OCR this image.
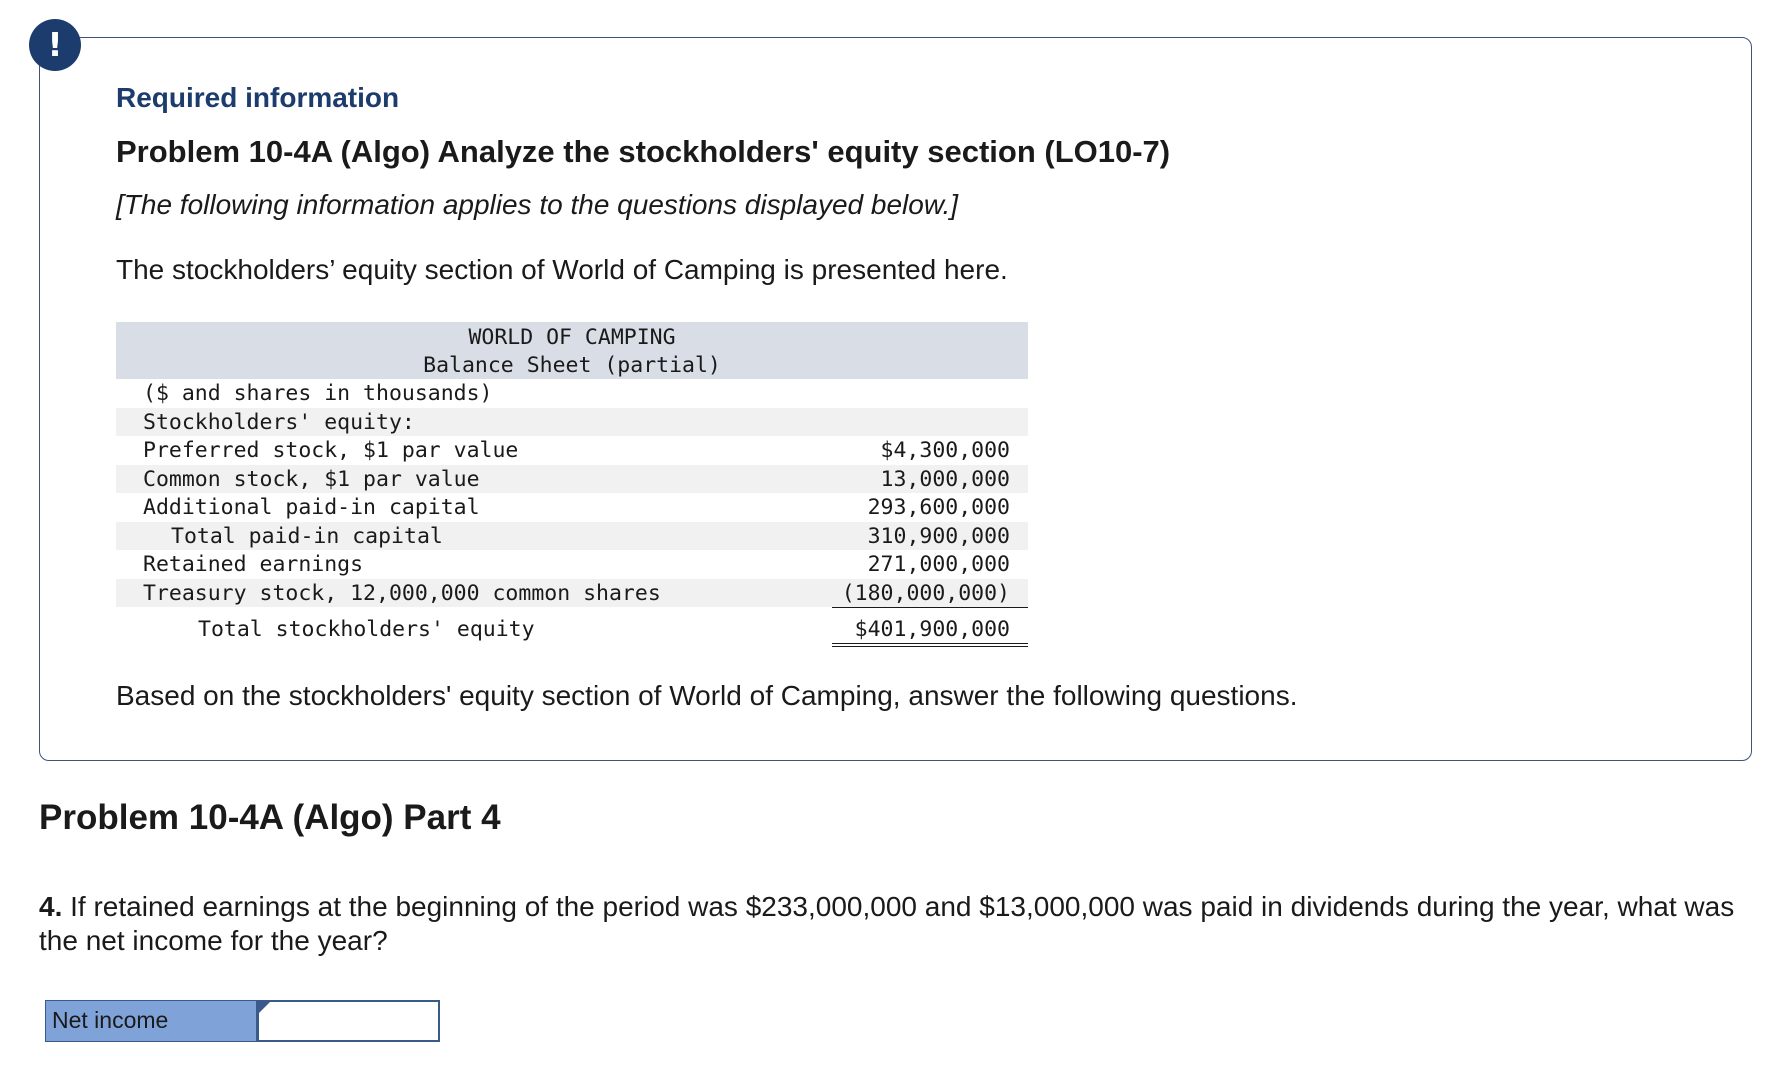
!
Required information
Problem 10-4A (Algo) Analyze the stockholders' equity section (LO10-7)
[The following information applies to the questions displayed below.]
The stockholders’ equity section of World of Camping is presented here.
WORLD OF CAMPING
Balance Sheet (partial)
($ and shares in thousands)
Stockholders' equity:
Preferred stock, $1 par value	$4,300,000
Common stock, $1 par value	13,000,000
Additional paid-in capital	293,600,000
Total paid-in capital	310,900,000
Retained earnings	271,000,000
Treasury stock, 12,000,000 common shares	(180,000,000)
Total stockholders' equity	$401,900,000
Based on the stockholders' equity section of World of Camping, answer the following questions.
Problem 10-4A (Algo) Part 4
4. If retained earnings at the beginning of the period was $233,000,000 and $13,000,000 was paid in dividends during the year, what was the net income for the year?
Net income
